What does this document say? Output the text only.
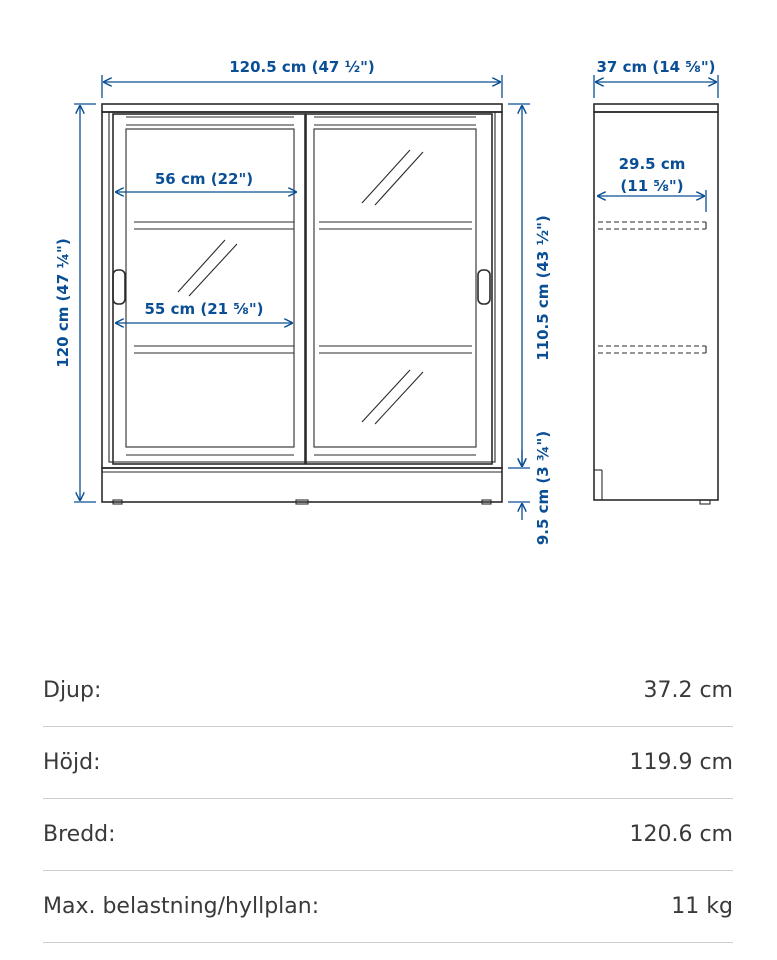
120.5 cm (47 ½")	37 cm (14 ⅝")
120 cm (47 ¼")	110.5 cm (43 ½")
9.5 cm (3 ¾")
56 cm (22")
55 cm (21 ⅝")
29.5 cm
(11 ⅝")
Djup:	37.2 cm
Höjd:	119.9 cm
Bredd:	120.6 cm
Max. belastning/hyllplan:	11 kg
